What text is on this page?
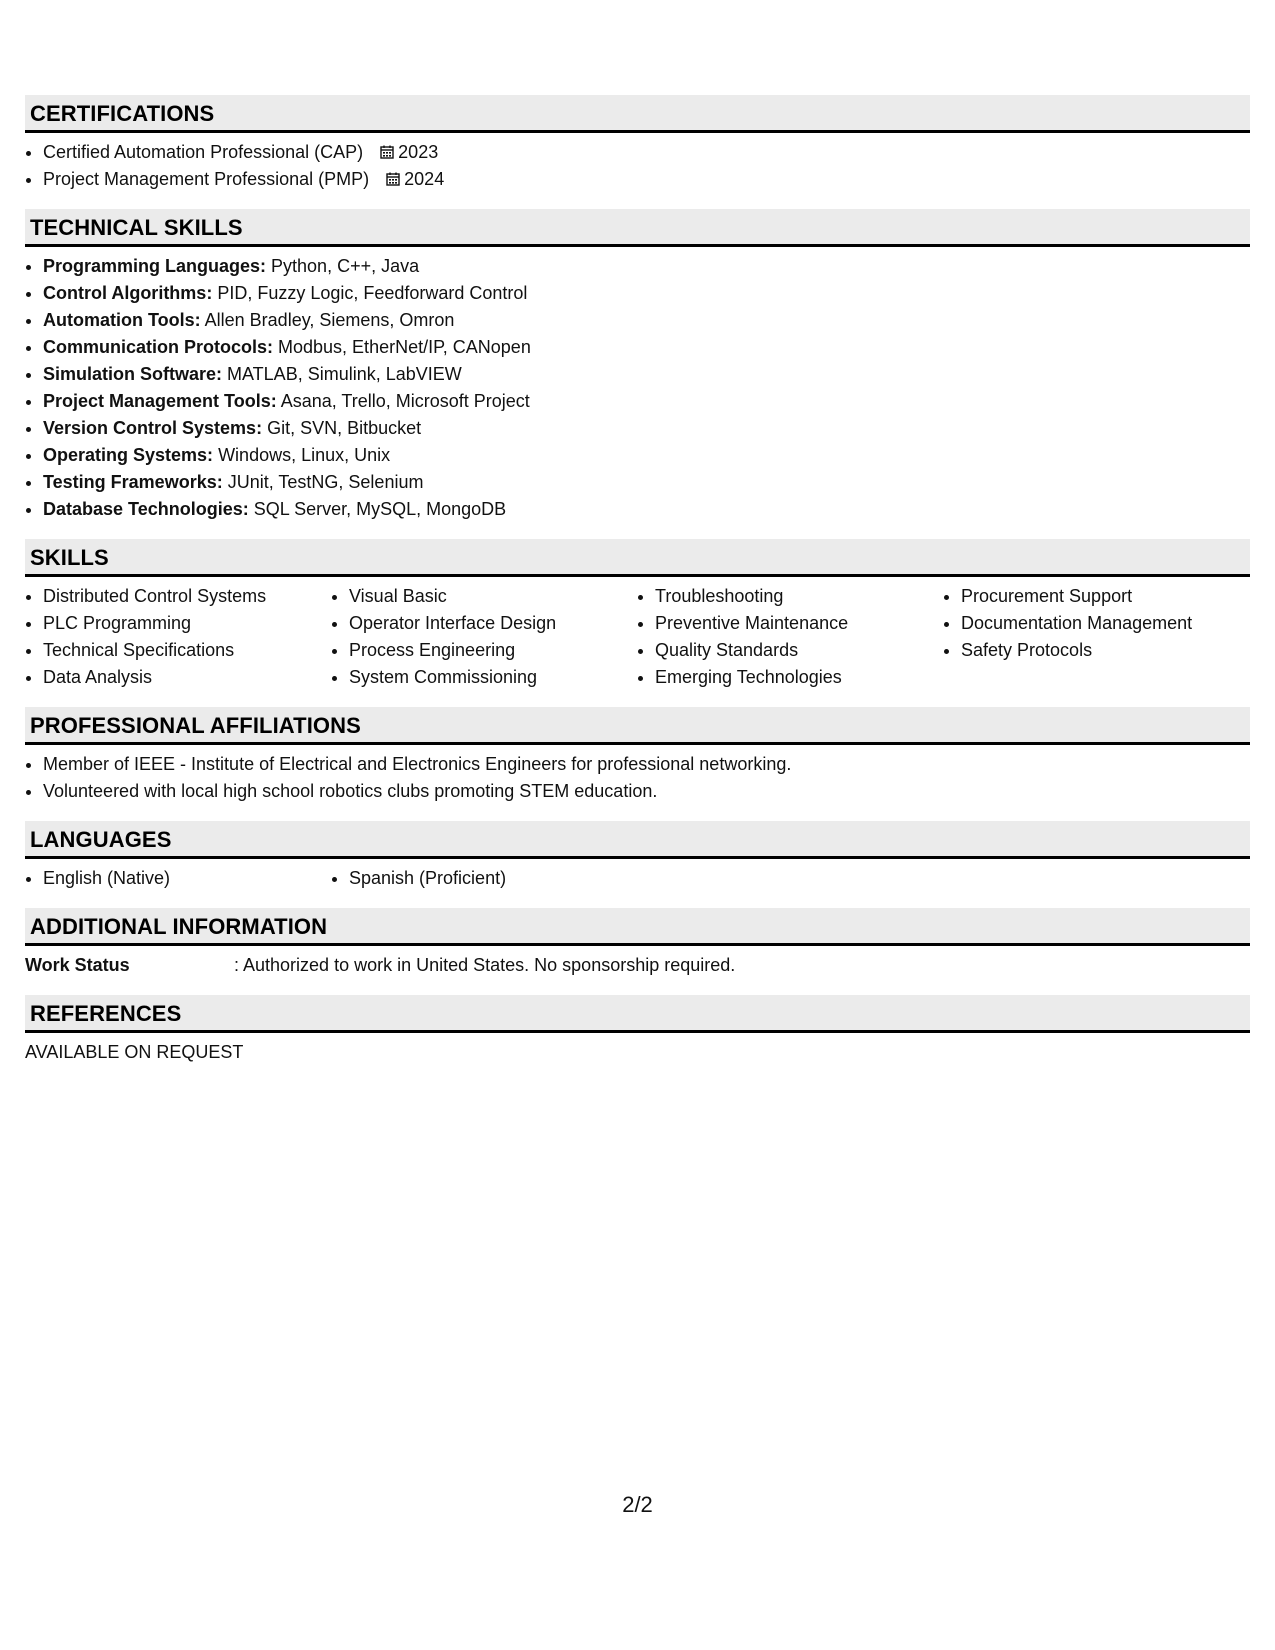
CERTIFICATIONS
• Certified Automation Professional (CAP) 2023
• Project Management Professional (PMP) 2024
TECHNICAL SKILLS
• Programming Languages: Python, C++, Java
• Control Algorithms: PID, Fuzzy Logic, Feedforward Control
• Automation Tools: Allen Bradley, Siemens, Omron
• Communication Protocols: Modbus, EtherNet/IP, CANopen
• Simulation Software: MATLAB, Simulink, LabVIEW
• Project Management Tools: Asana, Trello, Microsoft Project
• Version Control Systems: Git, SVN, Bitbucket
• Operating Systems: Windows, Linux, Unix
• Testing Frameworks: JUnit, TestNG, Selenium
• Database Technologies: SQL Server, MySQL, MongoDB
SKILLS
• Distributed Control Systems
• PLC Programming
• Technical Specifications
• Data Analysis
• Visual Basic
• Operator Interface Design
• Process Engineering
• System Commissioning
• Troubleshooting
• Preventive Maintenance
• Quality Standards
• Emerging Technologies
• Procurement Support
• Documentation Management
• Safety Protocols
PROFESSIONAL AFFILIATIONS
• Member of IEEE - Institute of Electrical and Electronics Engineers for professional networking.
• Volunteered with local high school robotics clubs promoting STEM education.
LANGUAGES
• English (Native)
•	Spanish (Proficient)
ADDITIONAL INFORMATION
Work Status	: Authorized to work in United States. No sponsorship required.
REFERENCES
AVAILABLE ON REQUEST
2/2
